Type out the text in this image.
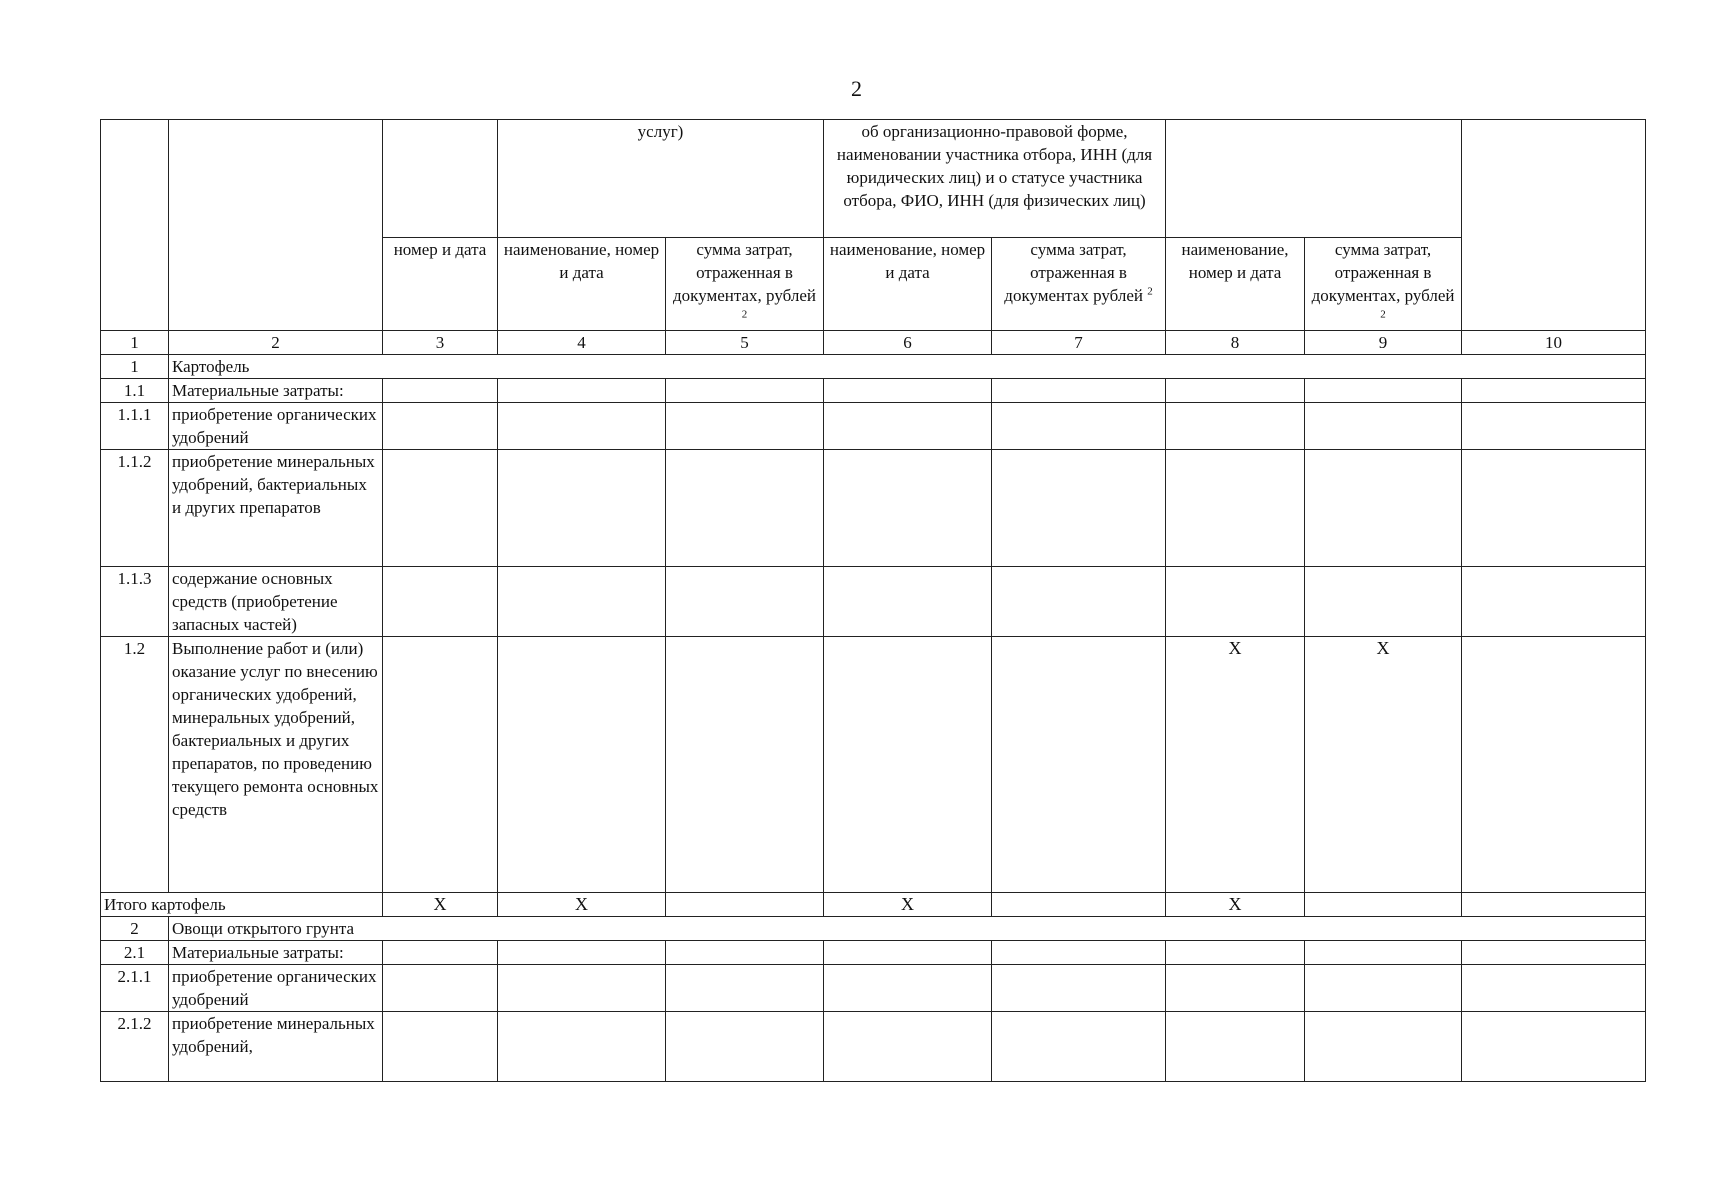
2
			услуг)		об организационно-правовой форме, наименовании участника отбора, ИНН (для юридических лиц) и о статусе участника отбора, ФИО, ИНН (для физических лиц)				
		номер и дата	наименование, номер и дата	сумма затрат, отраженная в документах, рублей $^2$	наименование, номер и дата	сумма затрат, отраженная в документах рублей $^2$	наименование, номер и дата	сумма затрат, отраженная в документах, рублей $^2$
1	2	3	4	5	6	7	8	9	10
1	Картофель								
1.1	Материальные затраты:								
1.1.1	приобретение органических удобрений								
1.1.2	приобретение минеральных удобрений, бактериальных и других препаратов								
1.1.3	содержание основных средств (приобретение запасных частей)								
1.2	Выполнение работ и (или) оказание услуг по внесению органических удобрений, минеральных удобрений, бактериальных и других препаратов, по проведению текущего ремонта основных средств						X	X	
Итого картофель		X	X		X		X		
2	Овощи открытого грунта								
2.1	Материальные затраты:								
2.1.1	приобретение органических удобрений								
2.1.2	приобретение минеральных удобрений,								
